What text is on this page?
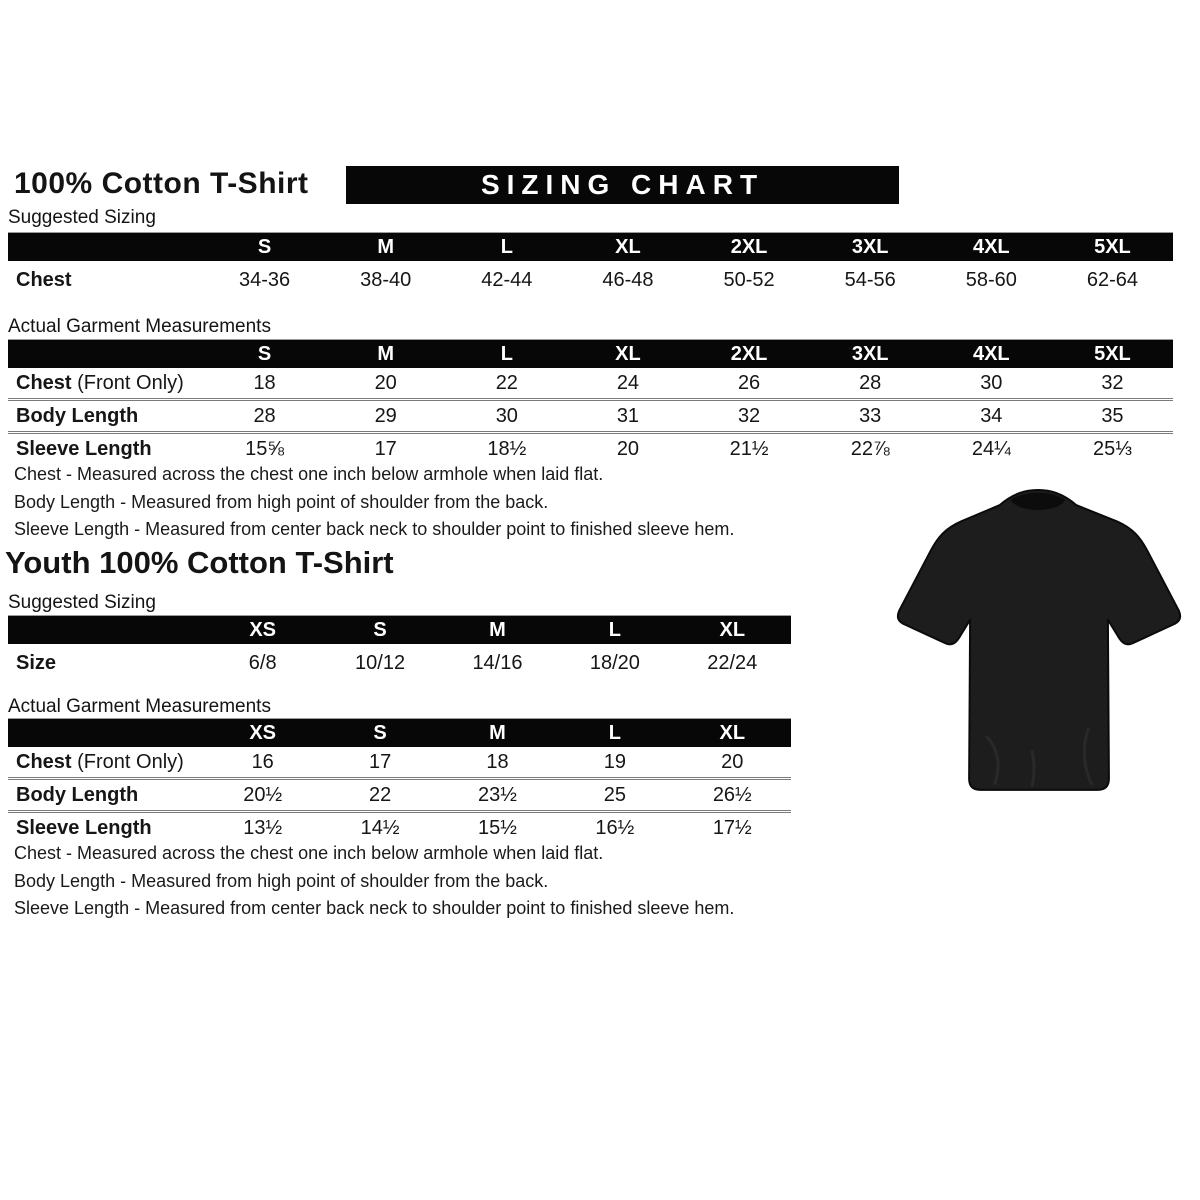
100% Cotton T-Shirt	SIZING CHART

Suggested Sizing

	S	M	L	XL	2XL	3XL	4XL	5XL
Chest	34-36	38-40	42-44	46-48	50-52	54-56	58-60	62-64

Actual Garment Measurements

	S	M	L	XL	2XL	3XL	4XL	5XL
Chest (Front Only)	18	20	22	24	26	28	30	32
Body Length	28	29	30	31	32	33	34	35
Sleeve Length	15⅝	17	18½	20	21½	22⅞	24¼	25⅓

Chest - Measured across the chest one inch below armhole when laid flat.

Body Length - Measured from high point of shoulder from the back.

Sleeve Length - Measured from center back neck to shoulder point to finished sleeve hem.

Youth 100% Cotton T-Shirt

Suggested Sizing

	XS	S	M	L	XL
Size	6/8	10/12	14/16	18/20	22/24

Actual Garment Measurements

	XS	S	M	L	XL
Chest (Front Only)	16	17	18	19	20
Body Length	20½	22	23½	25	26½
Sleeve Length	13½	14½	15½	16½	17½

Chest - Measured across the chest one inch below armhole when laid flat.

Body Length - Measured from high point of shoulder from the back.

Sleeve Length - Measured from center back neck to shoulder point to finished sleeve hem.
